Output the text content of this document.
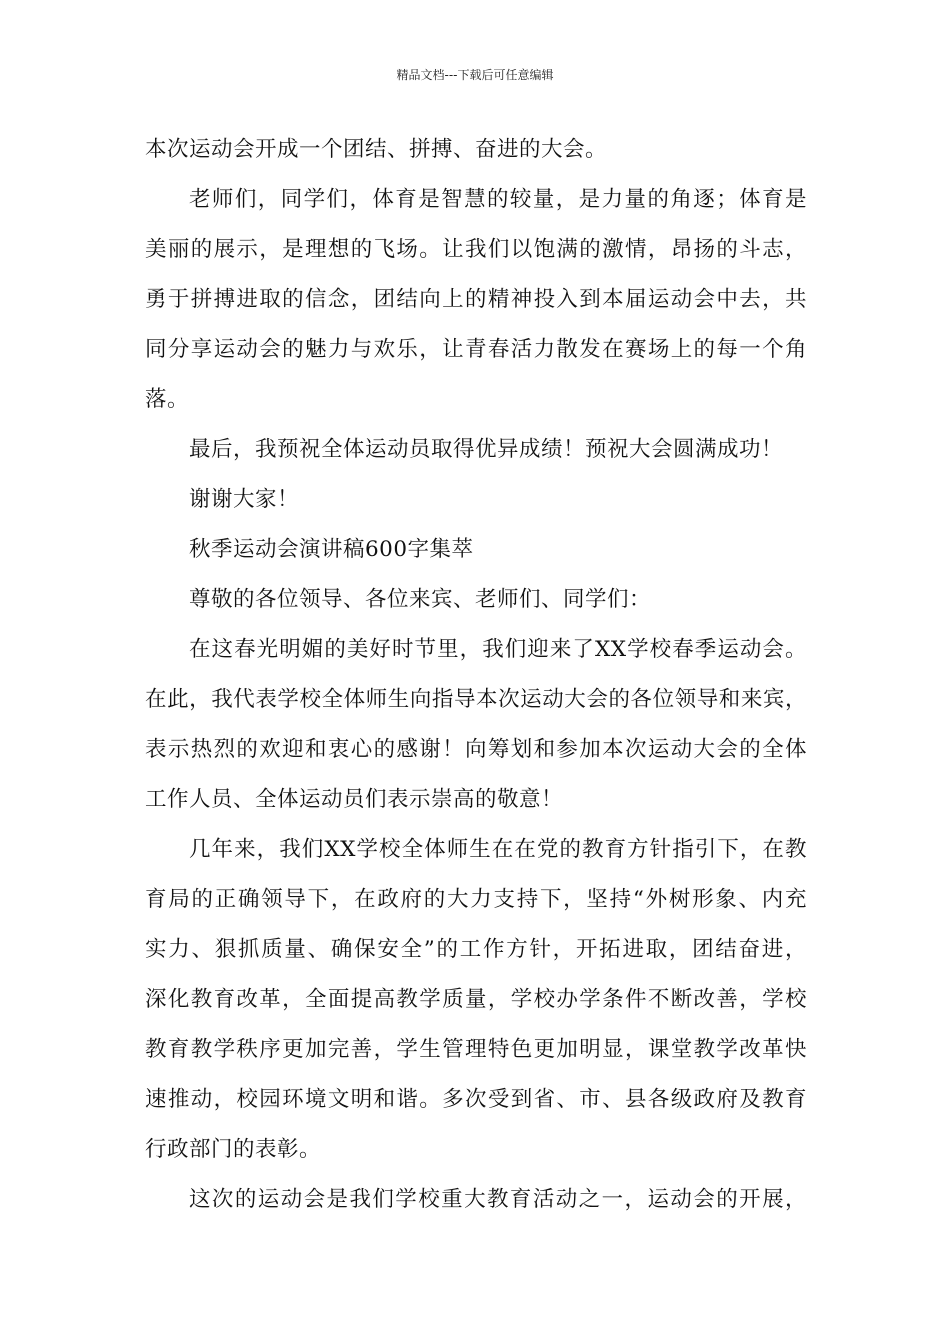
精品文档---下载后可任意编辑
本次运动会开成一个团结、拼搏、奋进的大会。
老师们，同学们，体育是智慧的较量，是力量的角逐；体育是
美丽的展示，是理想的飞场。让我们以饱满的激情，昂扬的斗志，
勇于拼搏进取的信念，团结向上的精神投入到本届运动会中去，共
同分享运动会的魅力与欢乐，让青春活力散发在赛场上的每一个角
落。
最后，我预祝全体运动员取得优异成绩！预祝大会圆满成功！
谢谢大家！
秋季运动会演讲稿600字集萃
尊敬的各位领导、各位来宾、老师们、同学们：
在这春光明媚的美好时节里，我们迎来了XX学校春季运动会。
在此，我代表学校全体师生向指导本次运动大会的各位领导和来宾，
表示热烈的欢迎和衷心的感谢！向筹划和参加本次运动大会的全体
工作人员、全体运动员们表示崇高的敬意！
几年来，我们XX学校全体师生在在党的教育方针指引下，在教
育局的正确领导下，在政府的大力支持下，坚持“外树形象、内充
实力、狠抓质量、确保安全”的工作方针，开拓进取，团结奋进，
深化教育改革，全面提高教学质量，学校办学条件不断改善，学校
教育教学秩序更加完善，学生管理特色更加明显，课堂教学改革快
速推动，校园环境文明和谐。多次受到省、市、县各级政府及教育
行政部门的表彰。
这次的运动会是我们学校重大教育活动之一，运动会的开展，
